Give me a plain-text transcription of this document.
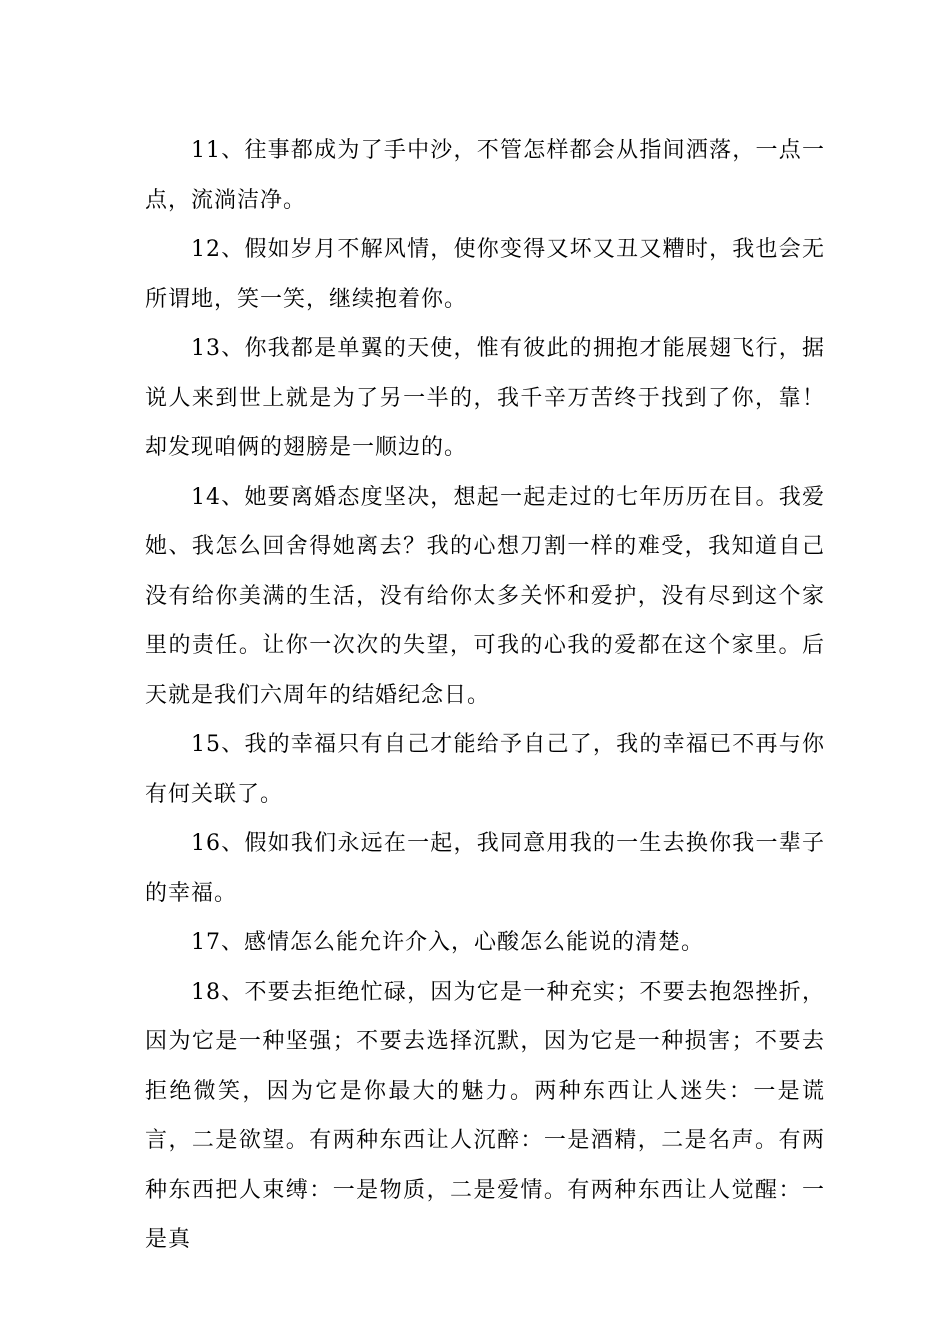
11、往事都成为了手中沙，不管怎样都会从指间洒落，一点一点，流淌洁净。

12、假如岁月不解风情，使你变得又坏又丑又糟时，我也会无所谓地，笑一笑，继续抱着你。

13、你我都是单翼的天使，惟有彼此的拥抱才能展翅飞行，据说人来到世上就是为了另一半的，我千辛万苦终于找到了你，靠！却发现咱俩的翅膀是一顺边的。

14、她要离婚态度坚决，想起一起走过的七年历历在目。我爱她、我怎么回舍得她离去？我的心想刀割一样的难受，我知道自己没有给你美满的生活，没有给你太多关怀和爱护，没有尽到这个家里的责任。让你一次次的失望，可我的心我的爱都在这个家里。后天就是我们六周年的结婚纪念日。

15、我的幸福只有自己才能给予自己了，我的幸福已不再与你有何关联了。

16、假如我们永远在一起，我同意用我的一生去换你我一辈子的幸福。

17、感情怎么能允许介入，心酸怎么能说的清楚。

18、不要去拒绝忙碌，因为它是一种充实；不要去抱怨挫折，因为它是一种坚强；不要去选择沉默，因为它是一种损害；不要去拒绝微笑，因为它是你最大的魅力。两种东西让人迷失：一是谎言，二是欲望。有两种东西让人沉醉：一是酒精，二是名声。有两种东西把人束缚：一是物质，二是爱情。有两种东西让人觉醒：一是真
